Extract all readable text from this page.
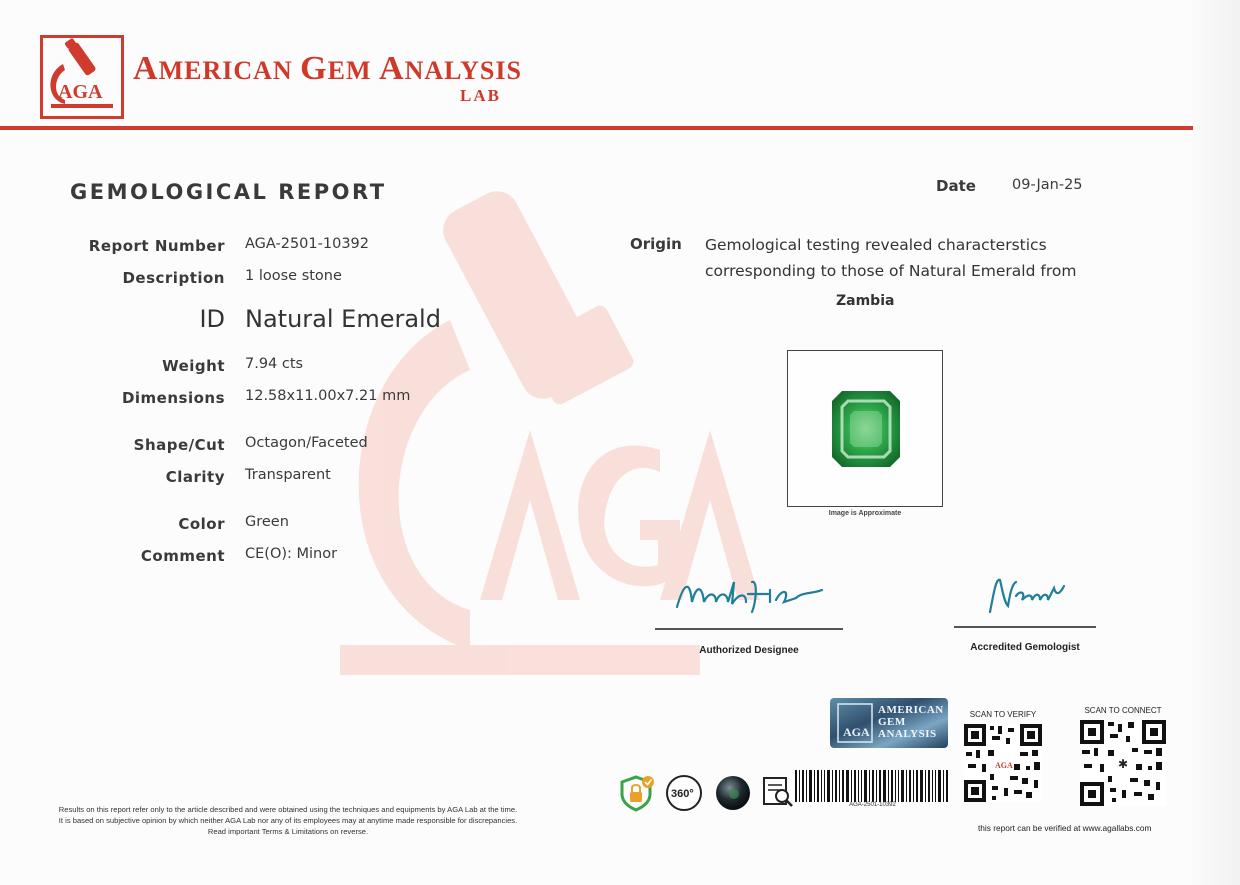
AGA
AMERICAN GEM ANALYSIS
LAB
GEMOLOGICAL REPORT	Date 09-Jan-25
Report Number AGA-2501-10392
Description 1 loose stone
ID Natural Emerald
Weight 7.94 cts
Dimensions 12.58x11.00x7.21 mm
Shape/Cut Octagon/Faceted
Clarity Transparent
Color Green
Comment CE(O): Minor
Origin Gemological testing revealed characterstics corresponding to those of Natural Emerald from
Zambia
Image is Approximate
Authorized Designee	Accredited Gemologist
Results on this report refer only to the article described and were obtained using the techniques and equipments by AGA Lab at the time.
It is based on subjective opinion by which neither AGA Lab nor any of its employees may at anytime made responsible for discrepancies.
Read important Terms & Limitations on reverse.
AGA
AMERICAN
GEM
ANALYSIS
360°
AGA-2501-10392
SCAN TO VERIFY
AGA
SCAN TO CONNECT
✱
this report can be verified at www.agallabs.com
